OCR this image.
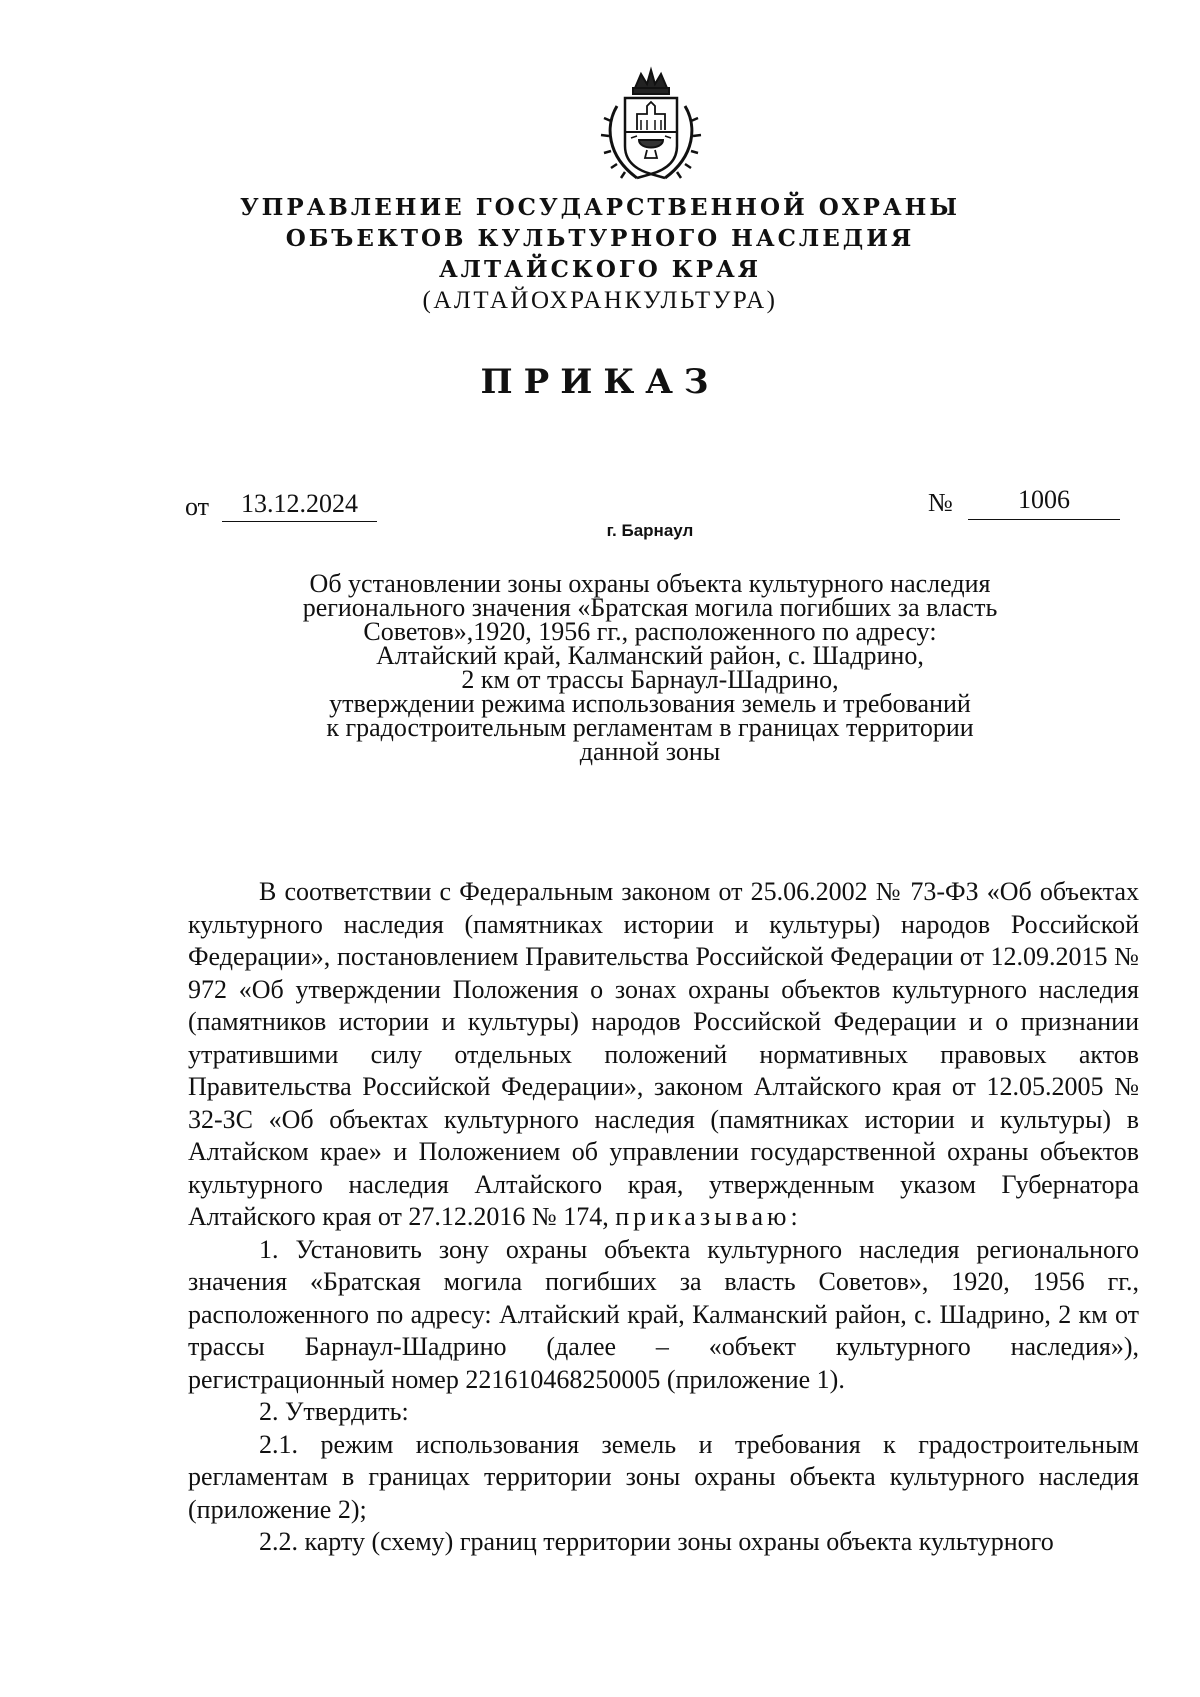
УПРАВЛЕНИЕ ГОСУДАРСТВЕННОЙ ОХРАНЫ
ОБЪЕКТОВ КУЛЬТУРНОГО НАСЛЕДИЯ
АЛТАЙСКОГО КРАЯ
(АЛТАЙОХРАНКУЛЬТУРА)
ПРИКАЗ
от	13.12.2024	№	1006
г. Барнаул
Об установлении зоны охраны объекта культурного наследия
регионального значения «Братская могила погибших за власть
Советов»,1920, 1956 гг., расположенного по адресу:
Алтайский край, Калманский район, с. Шадрино,
2 км от трассы Барнаул-Шадрино,
утверждении режима использования земель и требований
к градостроительным регламентам в границах территории
данной зоны

В соответствии с Федеральным законом от 25.06.2002 № 73-ФЗ «Об объектах культурного наследия (памятниках истории и культуры) народов Российской Федерации», постановлением Правительства Российской Федерации от 12.09.2015 № 972 «Об утверждении Положения о зонах охраны объектов культурного наследия (памятников истории и культуры) народов Российской Федерации и о признании утратившими силу отдельных положений нормативных правовых актов Правительства Российской Федерации», законом Алтайского края от 12.05.2005 № 32-ЗС «Об объектах культурного наследия (памятниках истории и культуры) в Алтайском крае» и Положением об управлении государственной охраны объектов культурного наследия Алтайского края, утвержденным указом Губернатора Алтайского края от 27.12.2016 № 174, приказываю:

1. Установить зону охраны объекта культурного наследия регионального значения «Братская могила погибших за власть Советов», 1920, 1956 гг., расположенного по адресу: Алтайский край, Калманский район, с. Шадрино, 2 км от трассы Барнаул-Шадрино (далее – «объект культурного наследия»), регистрационный номер 221610468250005 (приложение 1).

2. Утвердить:

2.1. режим использования земель и требования к градостроительным регламентам в границах территории зоны охраны объекта культурного наследия (приложение 2);

2.2. карту (схему) границ территории зоны охраны объекта культурного
